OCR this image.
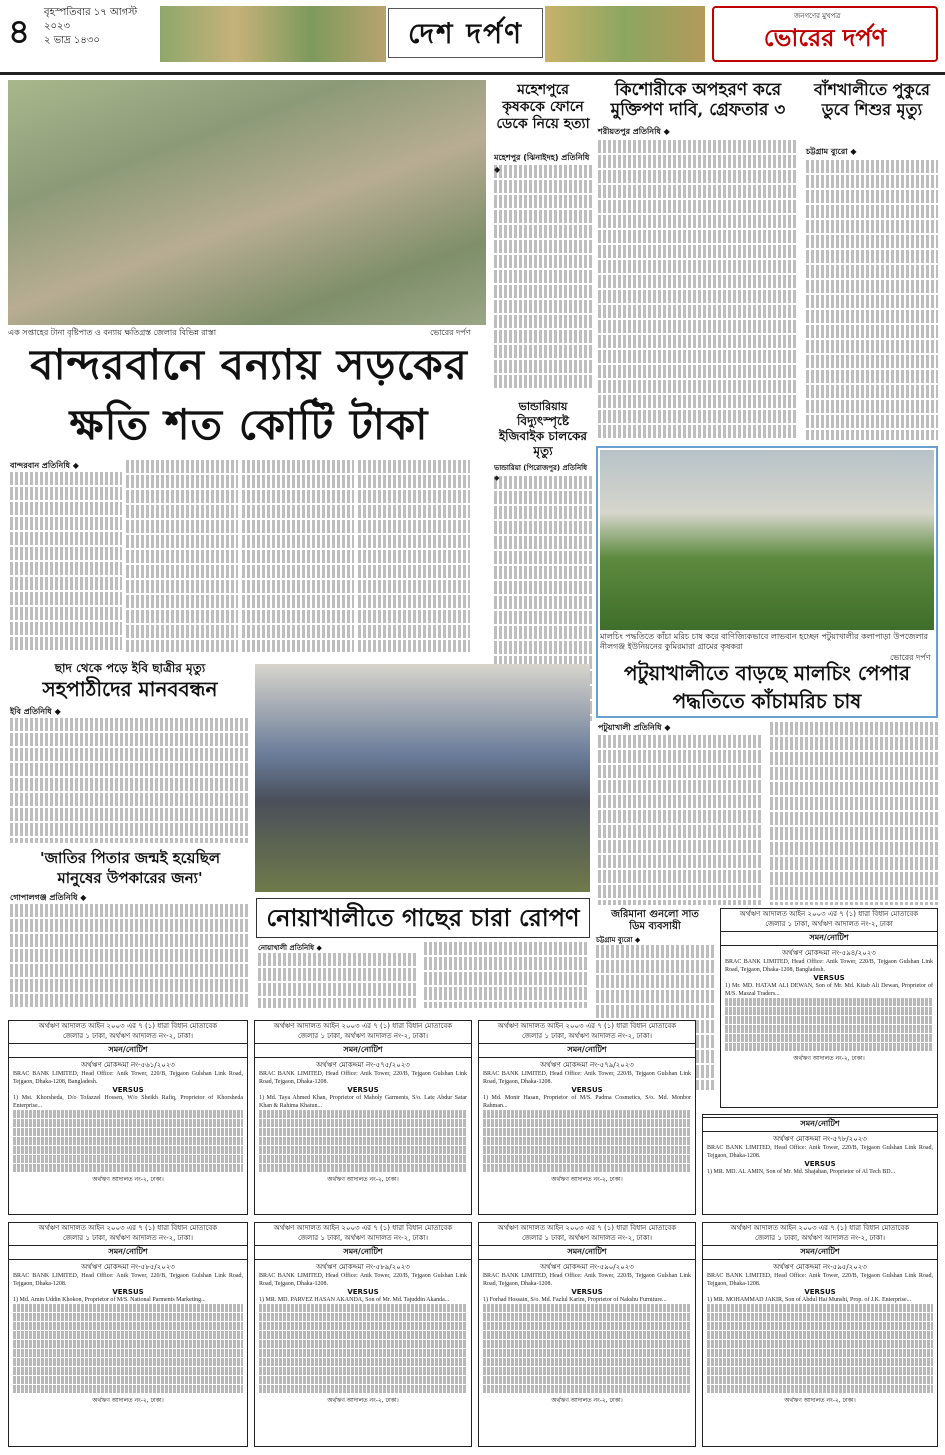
৪ বৃহস্পতিবার ১৭ আগস্ট ২০২৩
২ ভাদ্র ১৪৩০	দেশ দর্পণ
জনগণের মুখপত্র
ভোরের দর্পণ
এক সপ্তাহের টানা বৃষ্টিপাত ও বন্যায় ক্ষতিগ্রস্ত জেলার বিভিন্ন রাস্তা	ভোরের দর্পণ
মহেশপুরে কৃষককে ফোনে ডেকে নিয়ে হত্যা
মহেশপুর (ঝিনাইদহ) প্রতিনিধি ◆

কিশোরীকে অপহরণ করে মুক্তিপণ দাবি, গ্রেফতার ৩
শরীয়তপুর প্রতিনিধি ◆

বাঁশখালীতে পুকুরে ডুবে শিশুর মৃত্যু
চট্টগ্রাম ব্যুরো ◆

বান্দরবানে বন্যায় সড়কের
ক্ষতি শত কোটি টাকা
বান্দরবান প্রতিনিধি ◆

ভান্ডারিয়ায়
বিদ্যুৎস্পৃষ্টে ইজিবাইক চালকের মৃত্যু
ভান্ডারিয়া (পিরোজপুর) প্রতিনিধি ◆

মালচিং পদ্ধতিতে কাঁচা মরিচ চাষ করে বাণিজ্যিকভাবে লাভবান হচ্ছেন পটুয়াখালীর কলাপাড়া উপজেলার নীলগঞ্জ ইউনিয়নের কুমিরমারা গ্রামের কৃষকরা
ভোরের দর্পণ
পটুয়াখালীতে বাড়ছে মালচিং পেপার
পদ্ধতিতে কাঁচামরিচ চাষ
পটুয়াখালী প্রতিনিধি ◆

ছাদ থেকে পড়ে ইবি ছাত্রীর মৃত্যু
সহপাঠীদের মানববন্ধন
ইবি প্রতিনিধি ◆

'জাতির পিতার জন্মই হয়েছিল
মানুষের উপকারের জন্য'
গোপালগঞ্জ প্রতিনিধি ◆

নোয়াখালীতে গাছের চারা রোপণ
নোয়াখালী প্রতিনিধি ◆

জরিমানা গুনলো সাত
ডিম ব্যবসায়ী
চট্টগ্রাম ব্যুরো ◆

অর্থঋণ আদালত আইন ২০০৩ এর ৭ (১) ধারা বিধান মোতাবেক
জেলার ১ ঢাকা, অর্থঋণ আদালত নং-২, ঢাকা
সমন/নোটিশ
অর্থঋণ মোকদ্দমা নং-৫৯৪/২০২৩
BRAC BANK LIMITED, Head Office: Anik Tower, 220/B, Tejgaon Gulshan Link Road, Tejgaon, Dhaka-1208, Bangladesh.
VERSUS
1) Mr. MD. HATAM ALI DEWAN, Son of Mr. Md. Kitab Ali Dewan, Proprietor of M/S. Maszal Traders...
অর্থঋণ আদালত নং-২, ঢাকা।
অর্থঋণ আদালত আইন ২০০৩ এর ৭ (১) ধারা বিধান মোতাবেক
জেলার ১ ঢাকা, অর্থঋণ আদালত নং-২, ঢাকা।
সমন/নোটিশ
অর্থঋণ মোকদ্দমা নং-৫৬১/২০২৩
BRAC BANK LIMITED, Head Office: Anik Tower, 220/B, Tejgaon Gulshan Link Road, Tejgaon, Dhaka-1208, Bangladesh.
VERSUS
1) Mst. Khorsheda, D/o Tofazzel Hossen, W/o Sheikh Rafiq, Proprietor of Khorsheda Enterprise...
অর্থঋণ আদালত নং-২, ঢাকা।
অর্থঋণ আদালত আইন ২০০৩ এর ৭ (১) ধারা বিধান মোতাবেক
জেলার ১ ঢাকা, অর্থঋণ আদালত নং-২, ঢাকা।
সমন/নোটিশ
অর্থঋণ মোকদ্দমা নং-৫৭৫/২০২৩
BRAC BANK LIMITED, Head Office: Anik Tower, 220/B, Tejgaon Gulshan Link Road, Tejgaon, Dhaka-1208.
VERSUS
1) Md. Taya Ahmed Khan, Proprietor of Maholy Garments, S/o. Late Abdur Satar Khan & Rahima Khatun...
অর্থঋণ আদালত নং-২, ঢাকা।
অর্থঋণ আদালত আইন ২০০৩ এর ৭ (১) ধারা বিধান মোতাবেক
জেলার ১ ঢাকা, অর্থঋণ আদালত নং-২, ঢাকা।
সমন/নোটিশ
অর্থঋণ মোকদ্দমা নং-৫৭৯/২০২৩
BRAC BANK LIMITED, Head Office: Anik Tower, 220/B, Tejgaon Gulshan Link Road, Tejgaon, Dhaka-1208.
VERSUS
1) Md. Monir Hasan, Proprietor of M/S. Padma Cosmetics, S/o. Md. Monbor Rahman...
অর্থঋণ আদালত নং-২, ঢাকা।
সমন/নোটিশ
অর্থঋণ মোকদ্দমা নং-৫৭৮/২০২৩
BRAC BANK LIMITED, Head Office: Anik Tower, 220/B, Tejgaon Gulshan Link Road, Tejgaon, Dhaka-1208.
VERSUS
1) MR. MD. AL AMIN, Son of Mr. Md. Shajahan, Proprietor of Al Tech BD...
অর্থঋণ আদালত আইন ২০০৩ এর ৭ (১) ধারা বিধান মোতাবেক
জেলার ১ ঢাকা, অর্থঋণ আদালত নং-২, ঢাকা।
সমন/নোটিশ
অর্থঋণ মোকদ্দমা নং-৫৮৫/২০২৩
BRAC BANK LIMITED, Head Office: Anik Tower, 220/B, Tejgaon Gulshan Link Road, Tejgaon, Dhaka-1208.
VERSUS
1) Md. Amin Uddin Khokon, Proprietor of M/S. National Parments Marketing...
অর্থঋণ আদালত নং-২, ঢাকা।
অর্থঋণ আদালত আইন ২০০৩ এর ৭ (১) ধারা বিধান মোতাবেক
জেলার ১ ঢাকা, অর্থঋণ আদালত নং-২, ঢাকা।
সমন/নোটিশ
অর্থঋণ মোকদ্দমা নং-৫৮৯/২০২৩
BRAC BANK LIMITED, Head Office: Anik Tower, 220/B, Tejgaon Gulshan Link Road, Tejgaon, Dhaka-1208.
VERSUS
1) MR. MD. PARVEZ HASAN AKANDA, Son of Mr. Md. Tajuddin Akanda...
অর্থঋণ আদালত নং-২, ঢাকা।
অর্থঋণ আদালত আইন ২০০৩ এর ৭ (১) ধারা বিধান মোতাবেক
জেলার ১ ঢাকা, অর্থঋণ আদালত নং-২, ঢাকা।
সমন/নোটিশ
অর্থঋণ মোকদ্দমা নং-৫৯০/২০২৩
BRAC BANK LIMITED, Head Office: Anik Tower, 220/B, Tejgaon Gulshan Link Road, Tejgaon, Dhaka-1208.
VERSUS
1) Forhad Hossain, S/o. Md. Fazlul Karim, Proprietor of Nakshu Furniture...
অর্থঋণ আদালত নং-২, ঢাকা।
অর্থঋণ আদালত আইন ২০০৩ এর ৭ (১) ধারা বিধান মোতাবেক
জেলার ১ ঢাকা, অর্থঋণ আদালত নং-২, ঢাকা।
সমন/নোটিশ
অর্থঋণ মোকদ্দমা নং-৫৯৫/২০২৩
BRAC BANK LIMITED, Head Office: Anik Tower, 220/B, Tejgaon Gulshan Link Road, Tejgaon, Dhaka-1208.
VERSUS
1) MR. MOHAMMAD JAKIR, Son of Abdul Hai Munshi, Prop. of J.K. Enterprise...
অর্থঋণ আদালত নং-২, ঢাকা।
